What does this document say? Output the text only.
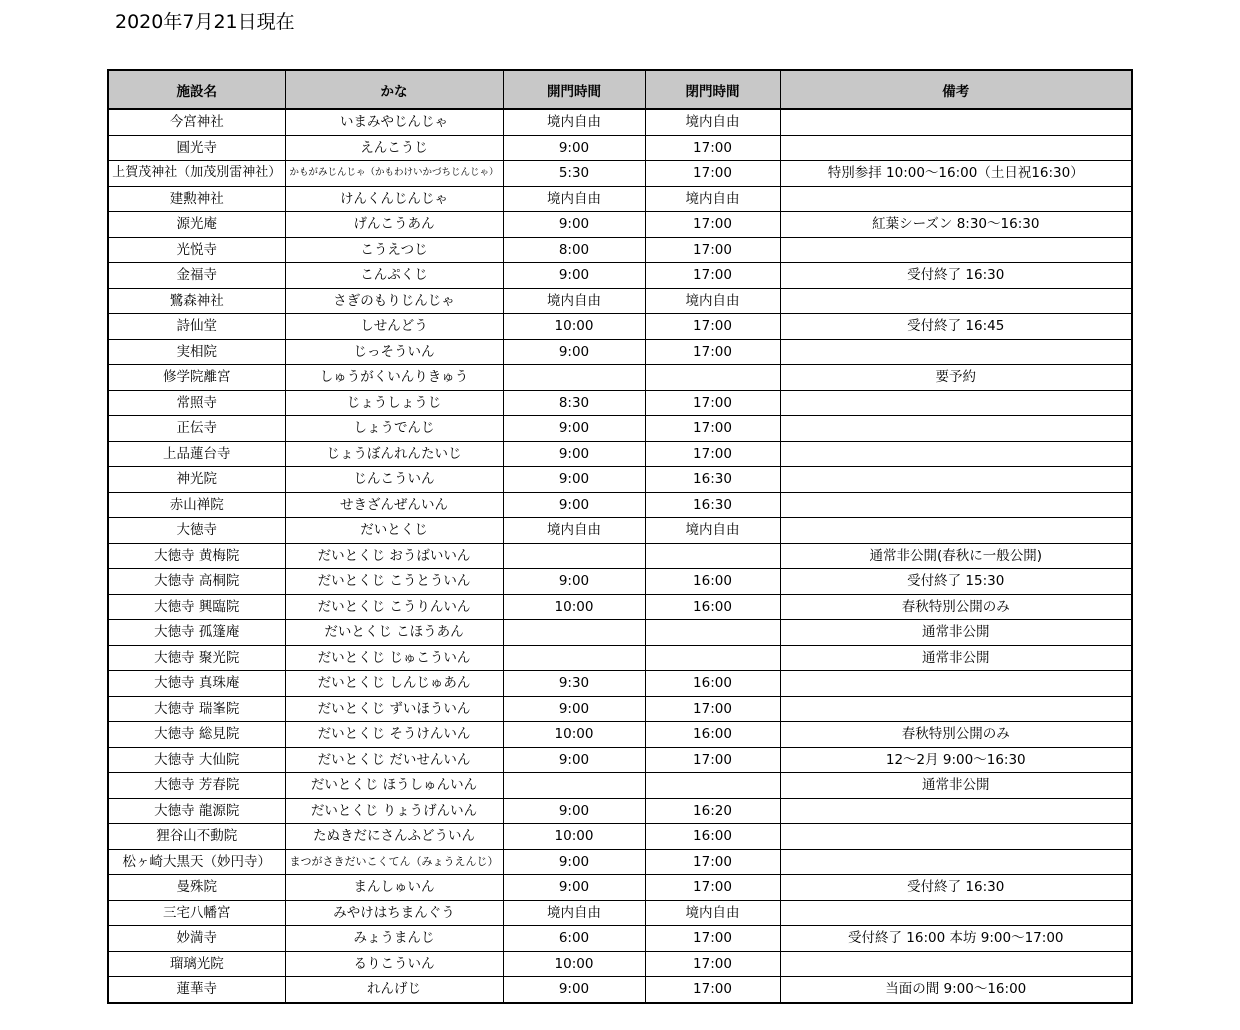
2020年7月21日現在
施設名	かな	開門時間	閉門時間	備考
今宮神社	いまみやじんじゃ	境内自由	境内自由	
圓光寺	えんこうじ	9:00	17:00	
上賀茂神社（加茂別雷神社）	かもがみじんじゃ（かもわけいかづちじんじゃ）	5:30	17:00	特別参拝 10:00〜16:00（土日祝16:30）
建勲神社	けんくんじんじゃ	境内自由	境内自由	
源光庵	げんこうあん	9:00	17:00	紅葉シーズン 8:30〜16:30
光悦寺	こうえつじ	8:00	17:00	
金福寺	こんぷくじ	9:00	17:00	受付終了 16:30
鷺森神社	さぎのもりじんじゃ	境内自由	境内自由	
詩仙堂	しせんどう	10:00	17:00	受付終了 16:45
実相院	じっそういん	9:00	17:00	
修学院離宮	しゅうがくいんりきゅう			要予約
常照寺	じょうしょうじ	8:30	17:00	
正伝寺	しょうでんじ	9:00	17:00	
上品蓮台寺	じょうぼんれんたいじ	9:00	17:00	
神光院	じんこういん	9:00	16:30	
赤山禅院	せきざんぜんいん	9:00	16:30	
大徳寺	だいとくじ	境内自由	境内自由	
大徳寺 黄梅院	だいとくじ おうばいいん			通常非公開(春秋に一般公開)
大徳寺 高桐院	だいとくじ こうとういん	9:00	16:00	受付終了 15:30
大徳寺 興臨院	だいとくじ こうりんいん	10:00	16:00	春秋特別公開のみ
大徳寺 孤篷庵	だいとくじ こほうあん			通常非公開
大徳寺 聚光院	だいとくじ じゅこういん			通常非公開
大徳寺 真珠庵	だいとくじ しんじゅあん	9:30	16:00	
大徳寺 瑞峯院	だいとくじ ずいほういん	9:00	17:00	
大徳寺 総見院	だいとくじ そうけんいん	10:00	16:00	春秋特別公開のみ
大徳寺 大仙院	だいとくじ だいせんいん	9:00	17:00	12〜2月 9:00〜16:30
大徳寺 芳春院	だいとくじ ほうしゅんいん			通常非公開
大徳寺 龍源院	だいとくじ りょうげんいん	9:00	16:20	
狸谷山不動院	たぬきだにさんふどういん	10:00	16:00	
松ヶ崎大黒天（妙円寺）	まつがさきだいこくてん（みょうえんじ）	9:00	17:00	
曼殊院	まんしゅいん	9:00	17:00	受付終了 16:30
三宅八幡宮	みやけはちまんぐう	境内自由	境内自由	
妙満寺	みょうまんじ	6:00	17:00	受付終了 16:00 本坊 9:00〜17:00
瑠璃光院	るりこういん	10:00	17:00	
蓮華寺	れんげじ	9:00	17:00	当面の間 9:00〜16:00
